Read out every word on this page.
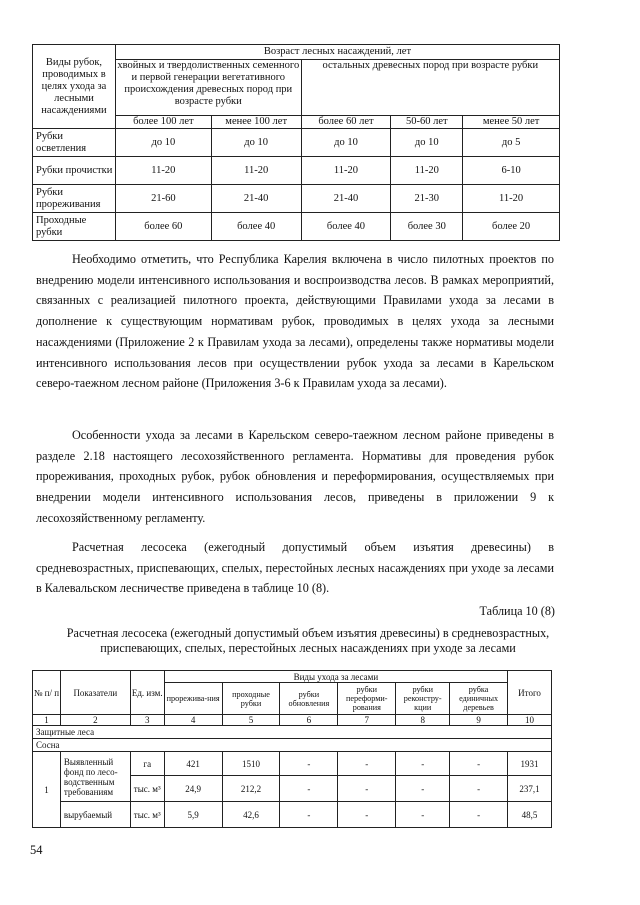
Виды рубок, проводимых в целях ухода за лесными насаждениями	Возраст лесных насаждений, лет				
	хвойных и твердолиственных семенного и первой генерации вегетативного происхождения древесных пород при возрасте рубки		остальных древесных пород при возрасте рубки		
	более 100 лет	менее 100 лет	более 60 лет	50-60 лет	менее 50 лет
Рубки осветления	до 10	до 10	до 10	до 10	до 5
Рубки прочистки	11-20	11-20	11-20	11-20	6-10
Рубки прореживания	21-60	21-40	21-40	21-30	11-20
Проходные рубки	более 60	более 40	более 40	более 30	более 20

Необходимо отметить, что Республика Карелия включена в число пилотных проектов по внедрению модели интенсивного использования и воспроизводства лесов. В рамках мероприятий, связанных с реализацией пилотного проекта, действующими Правилами ухода за лесами в дополнение к существующим нормативам рубок, проводимых в целях ухода за лесными насаждениями (Приложение 2 к Правилам ухода за лесами), определены также нормативы модели интенсивного использования лесов при осуществлении рубок ухода за лесами в Карельском северо-таежном лесном районе (Приложения 3-6 к Правилам ухода за лесами).

Особенности ухода за лесами в Карельском северо-таежном лесном районе приведены в разделе 2.18 настоящего лесохозяйственного регламента. Нормативы для проведения рубок прореживания, проходных рубок, рубок обновления и переформирования, осуществляемых при внедрении модели интенсивного использования лесов, приведены в приложении 9 к лесохозяйственному регламенту.

Расчетная лесосека (ежегодный допустимый объем изъятия древесины) в средневозрастных, приспевающих, спелых, перестойных лесных насаждениях при уходе за лесами в Калевальском лесничестве приведена в таблице 10 (8).

Таблица 10 (8)
Расчетная лесосека (ежегодный допустимый объем изъятия древесины) в средневозрастных, приспевающих, спелых, перестойных лесных насаждениях при уходе за лесами
№ п/ п	Показатели	Ед. изм.	Виды ухода за лесами						Итого
			прорежива-ния	проходные рубки	рубки обновления	рубки переформи-рования	рубки реконстру-кции	рубка единичных деревьев	
1	2	3	4	5	6	7	8	9	10
Защитные леса									
Сосна									
1	Выявленный фонд по лесо-водственным требованиям	га	421	1510	-	-	-	-	1931
		тыс. м³	24,9	212,2	-	-	-	-	237,1
	вырубаемый	тыс. м³	5,9	42,6	-	-	-	-	48,5
54
